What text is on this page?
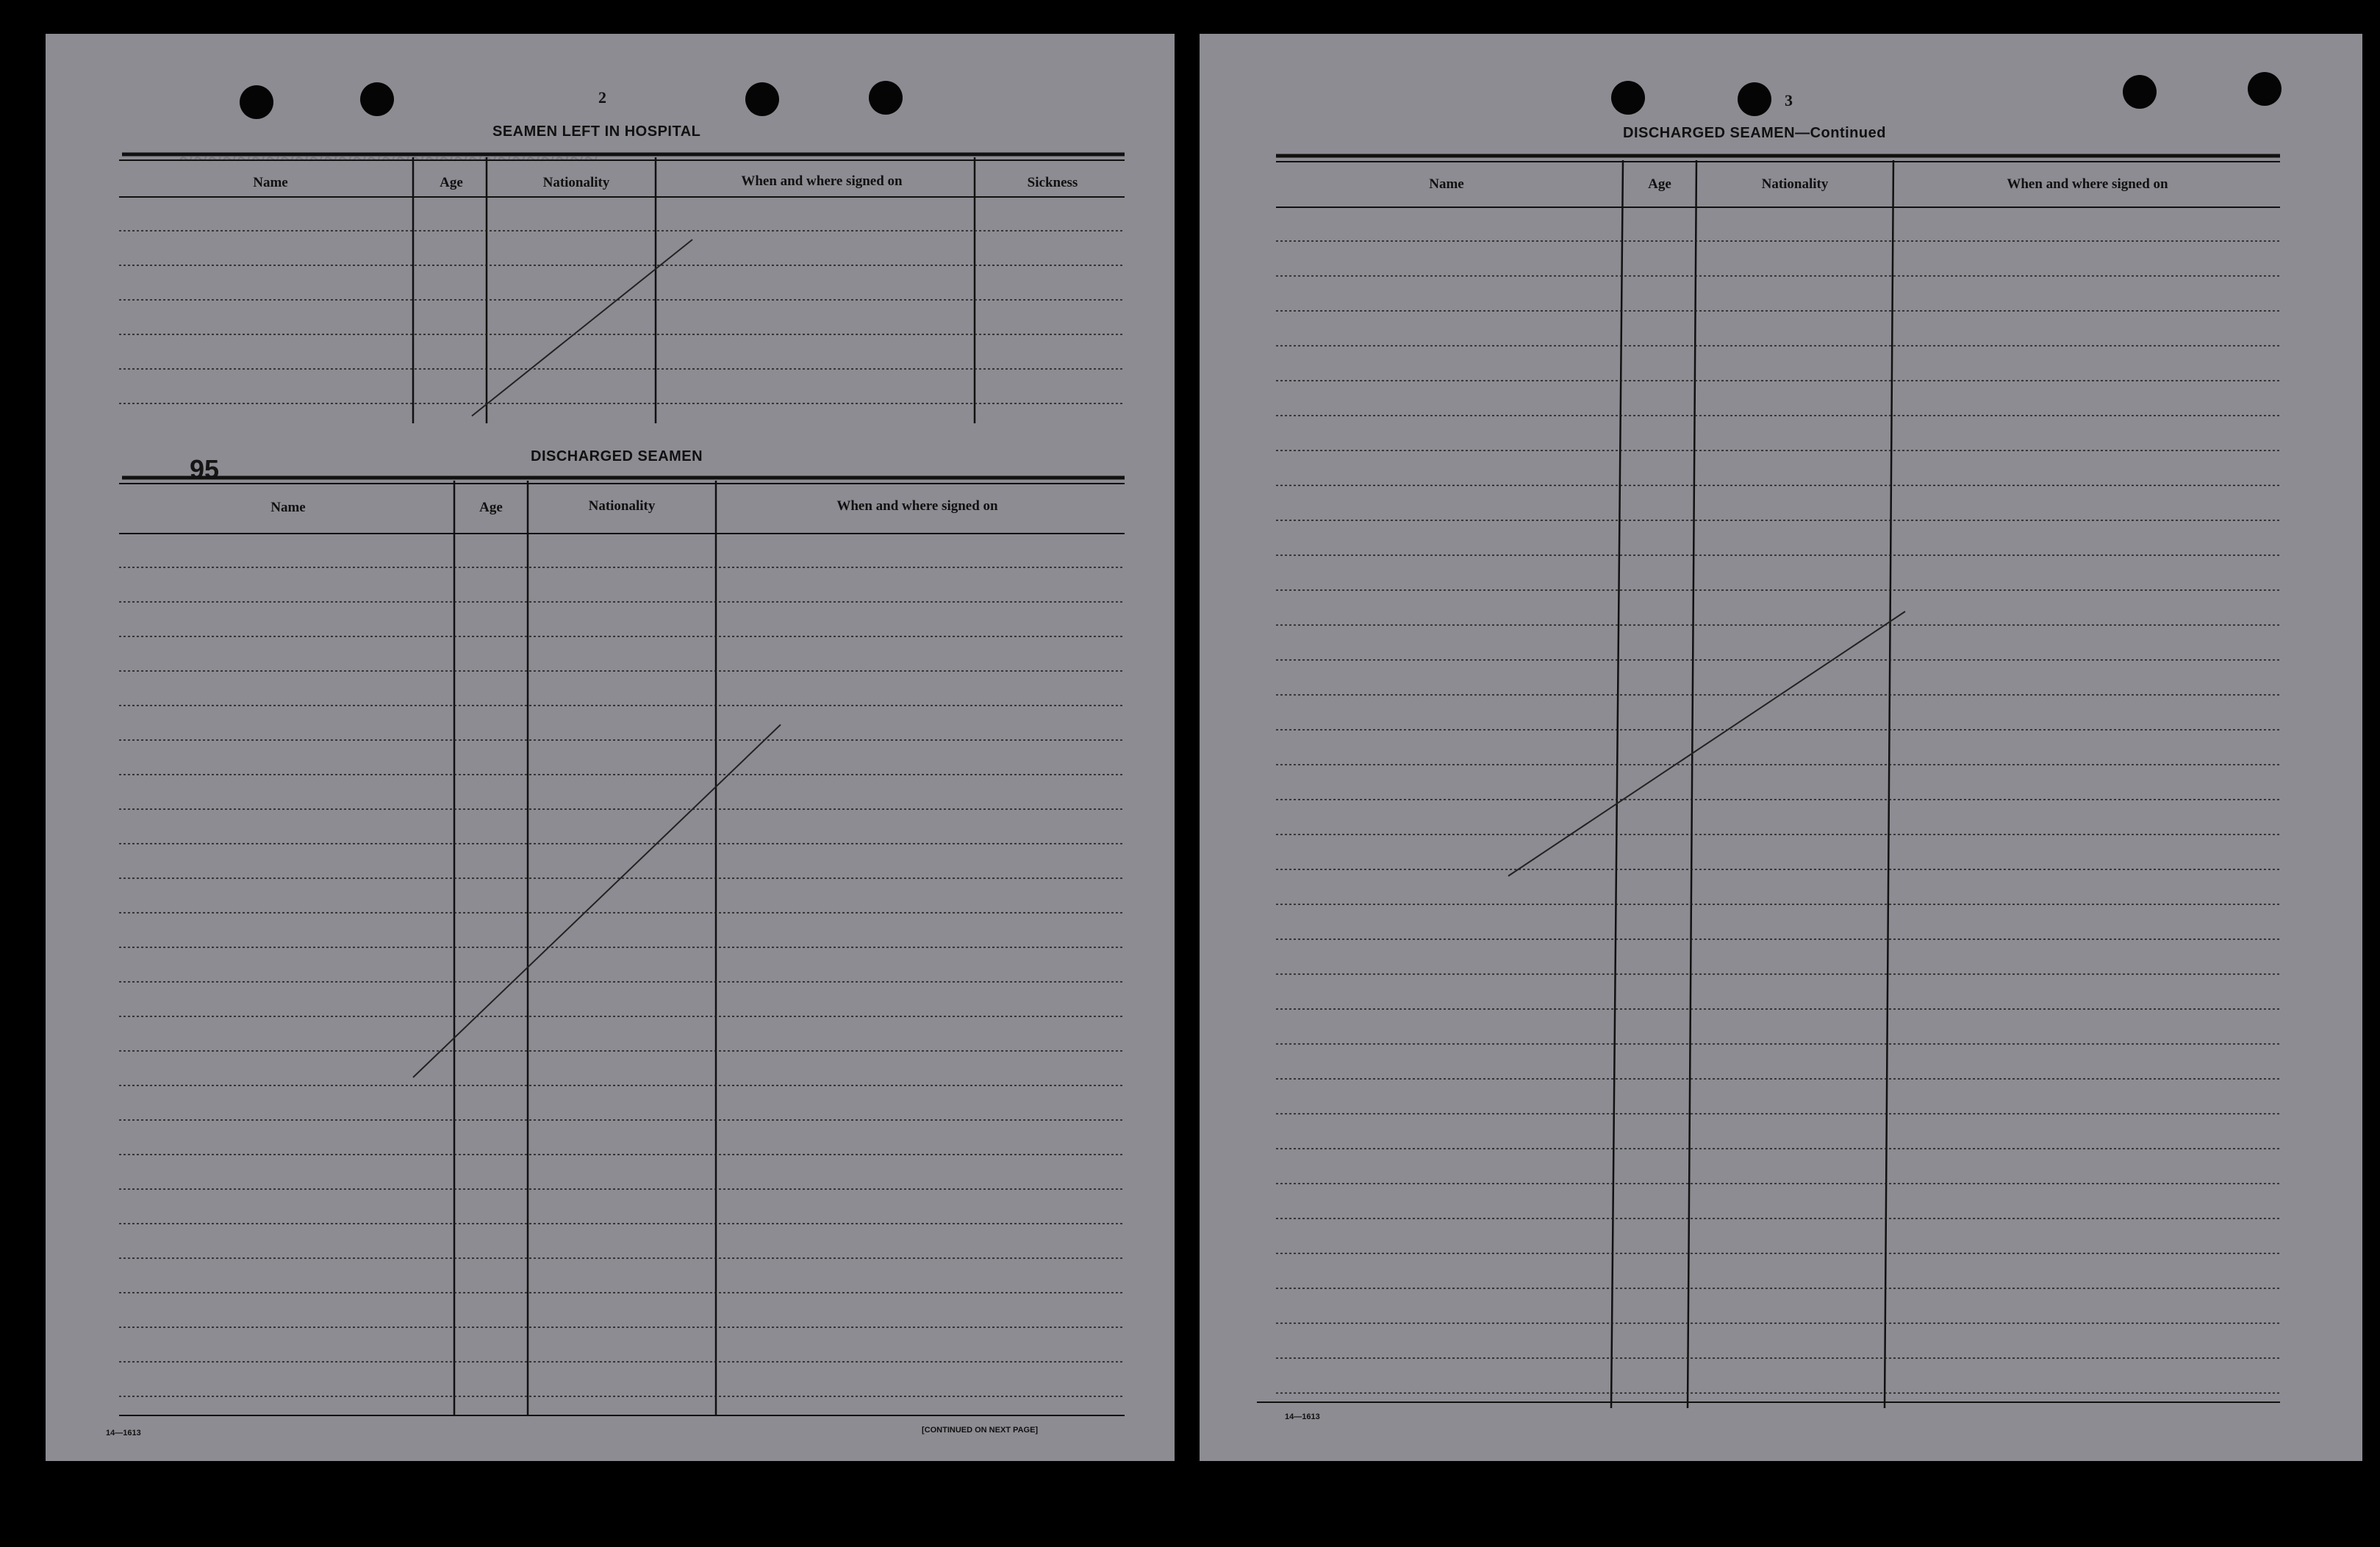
~~~~~~~~~~~~~~~~~~~~~~~~~~~~~
2
SEAMEN LEFT IN HOSPITAL
DISCHARGED SEAMEN
95
14—1613	[CONTINUED ON NEXT PAGE]
Name	Age	Nationality	When and where signed on	Sickness
Name	Age	Nationality	When and where signed on
3
DISCHARGED SEAMEN—Continued
14—1613
Name	Age	Nationality	When and where signed on
